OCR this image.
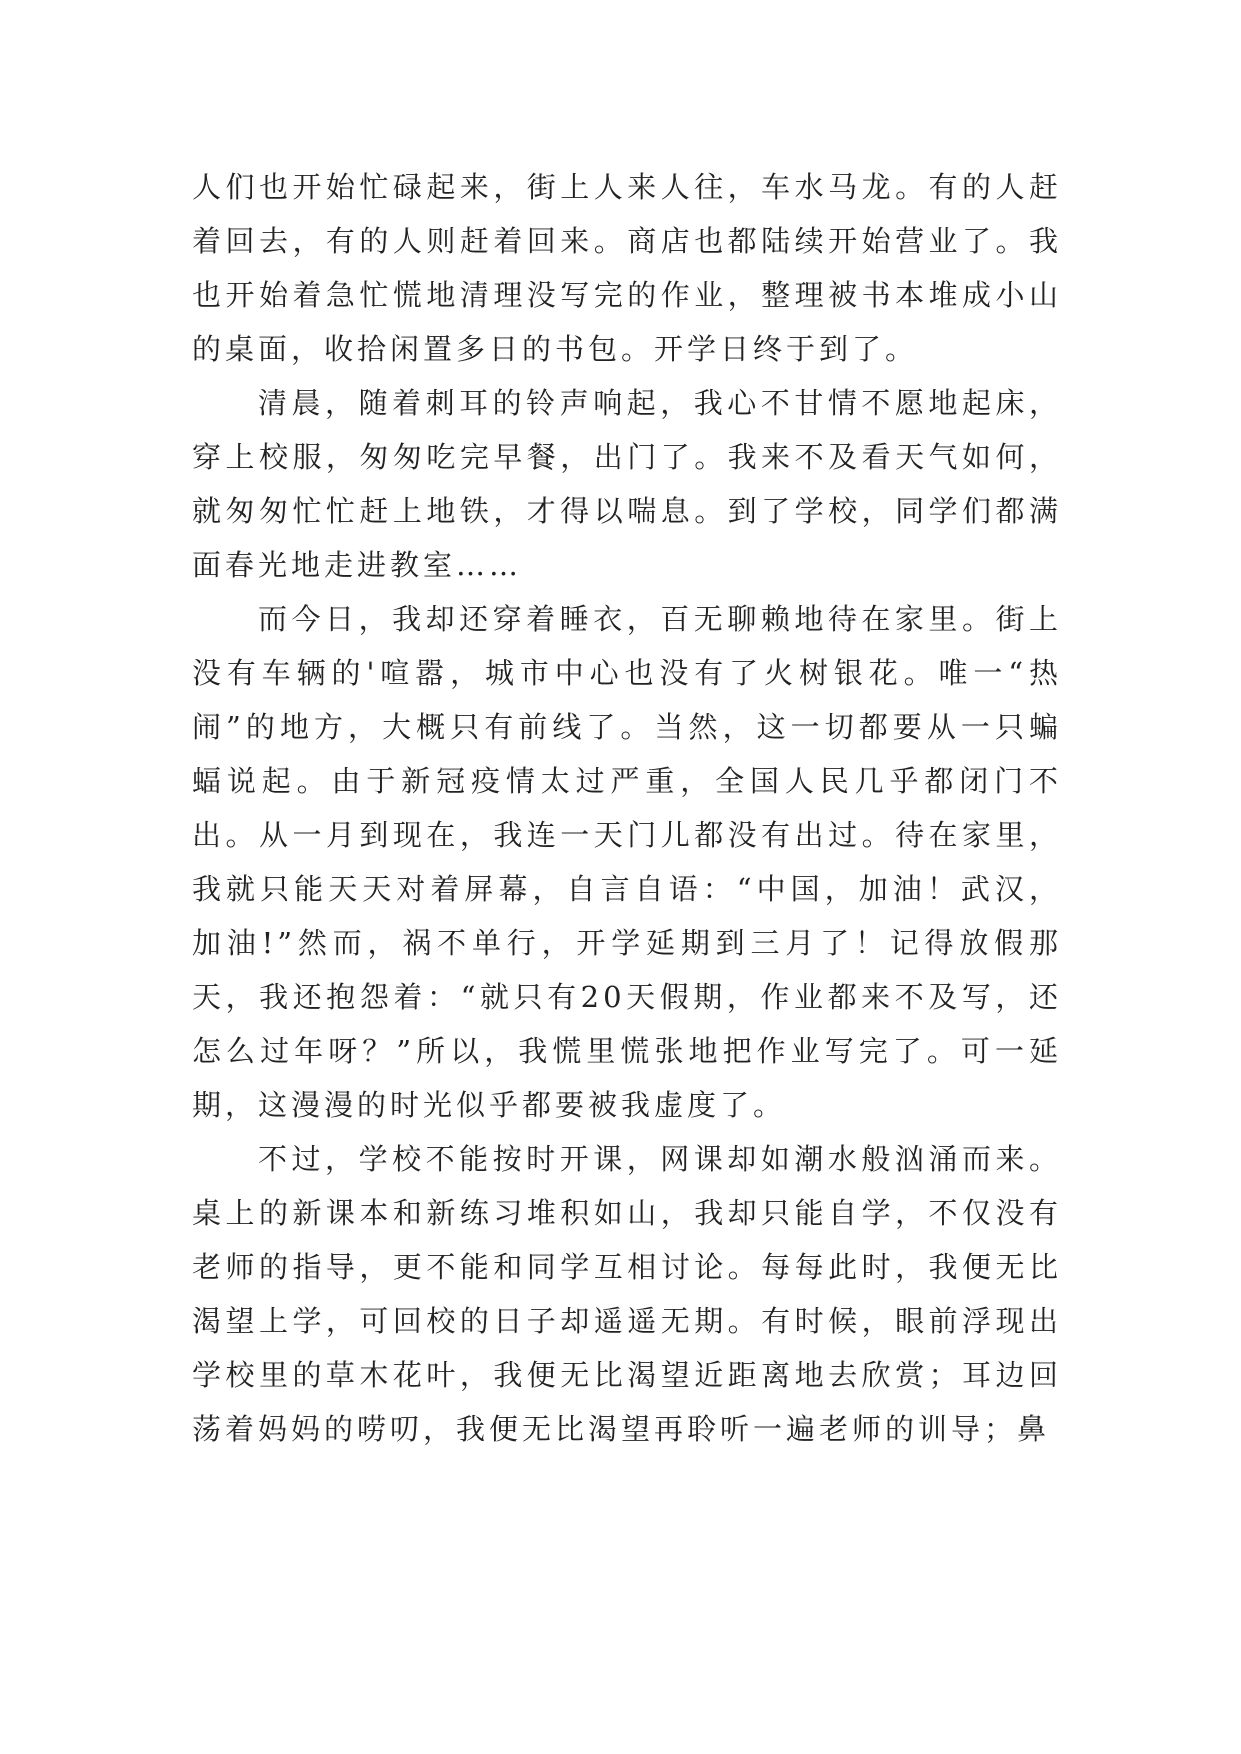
人们也开始忙碌起来，街上人来人往，车水马龙。有的人赶着回去，有的人则赶着回来。商店也都陆续开始营业了。我也开始着急忙慌地清理没写完的作业，整理被书本堆成小山的桌面，收拾闲置多日的书包。开学日终于到了。

清晨，随着刺耳的铃声响起，我心不甘情不愿地起床，穿上校服，匆匆吃完早餐，出门了。我来不及看天气如何，就匆匆忙忙赶上地铁，才得以喘息。到了学校，同学们都满面春光地走进教室……

而今日，我却还穿着睡衣，百无聊赖地待在家里。街上没有车辆的'喧嚣，城市中心也没有了火树银花。唯一“热闹”的地方，大概只有前线了。当然，这一切都要从一只蝙蝠说起。由于新冠疫情太过严重，全国人民几乎都闭门不出。从一月到现在，我连一天门儿都没有出过。待在家里，我就只能天天对着屏幕，自言自语：“中国，加油！武汉，加油!”然而，祸不单行，开学延期到三月了！记得放假那天，我还抱怨着：“就只有20天假期，作业都来不及写，还怎么过年呀？”所以，我慌里慌张地把作业写完了。可一延期，这漫漫的时光似乎都要被我虚度了。

不过，学校不能按时开课，网课却如潮水般汹涌而来。桌上的新课本和新练习堆积如山，我却只能自学，不仅没有老师的指导，更不能和同学互相讨论。每每此时，我便无比渴望上学，可回校的日子却遥遥无期。有时候，眼前浮现出学校里的草木花叶，我便无比渴望近距离地去欣赏；耳边回荡着妈妈的唠叨，我便无比渴望再聆听一遍老师的训导；鼻
